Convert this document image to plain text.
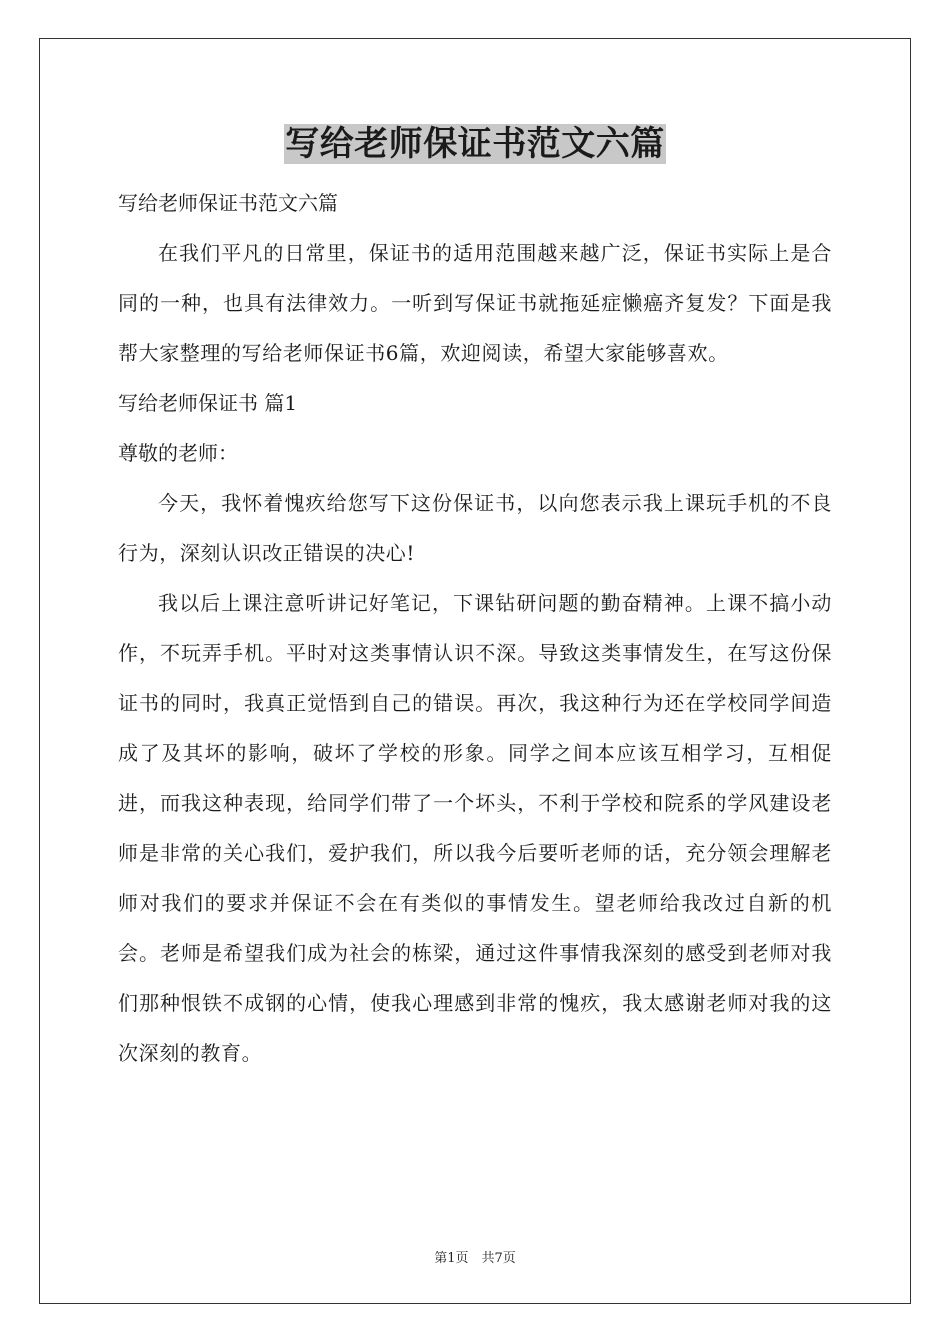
写给老师保证书范文六篇

写给老师保证书范文六篇

在我们平凡的日常里，保证书的适用范围越来越广泛，保证书实际上是合同的一种，也具有法律效力。一听到写保证书就拖延症懒癌齐复发？下面是我帮大家整理的写给老师保证书6篇，欢迎阅读，希望大家能够喜欢。

写给老师保证书 篇1

尊敬的老师：

今天，我怀着愧疚给您写下这份保证书，以向您表示我上课玩手机的不良行为，深刻认识改正错误的决心!

我以后上课注意听讲记好笔记，下课钻研问题的勤奋精神。上课不搞小动作，不玩弄手机。平时对这类事情认识不深。导致这类事情发生，在写这份保证书的同时，我真正觉悟到自己的错误。再次，我这种行为还在学校同学间造成了及其坏的影响，破坏了学校的形象。同学之间本应该互相学习，互相促进，而我这种表现，给同学们带了一个坏头，不利于学校和院系的学风建设老师是非常的关心我们，爱护我们，所以我今后要听老师的话，充分领会理解老师对我们的要求并保证不会在有类似的事情发生。望老师给我改过自新的机会。老师是希望我们成为社会的栋梁，通过这件事情我深刻的感受到老师对我们那种恨铁不成钢的心情，使我心理感到非常的愧疚，我太感谢老师对我的这次深刻的教育。

第1页　共7页
